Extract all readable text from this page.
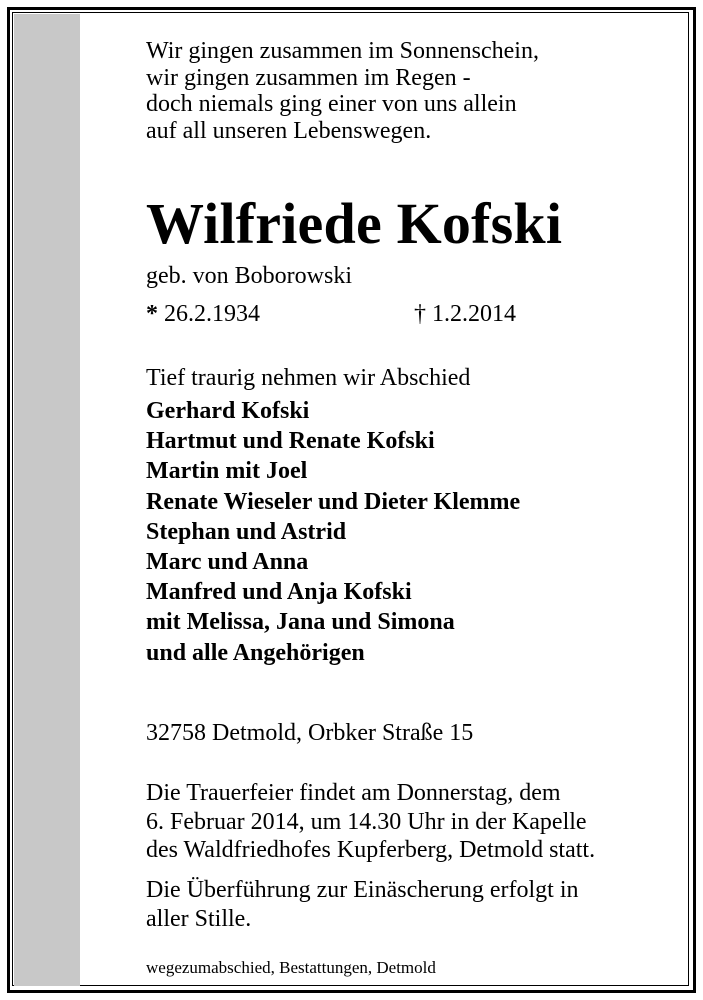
Wir gingen zusammen im Sonnenschein,
wir gingen zusammen im Regen -
doch niemals ging einer von uns allein
auf all unseren Lebenswegen.
Wilfriede Kofski
geb. von Boborowski
* 26.2.1934	† 1.2.2014
Tief traurig nehmen wir Abschied
Gerhard Kofski
Hartmut und Renate Kofski
Martin mit Joel
Renate Wieseler und Dieter Klemme
Stephan und Astrid
Marc und Anna
Manfred und Anja Kofski
mit Melissa, Jana und Simona
und alle Angehörigen
32758 Detmold, Orbker Straße 15
Die Trauerfeier findet am Donnerstag, dem
6. Februar 2014, um 14.30 Uhr in der Kapelle
des Waldfriedhofes Kupferberg, Detmold statt.
Die Überführung zur Einäscherung erfolgt in
aller Stille.
wegezumabschied, Bestattungen, Detmold
